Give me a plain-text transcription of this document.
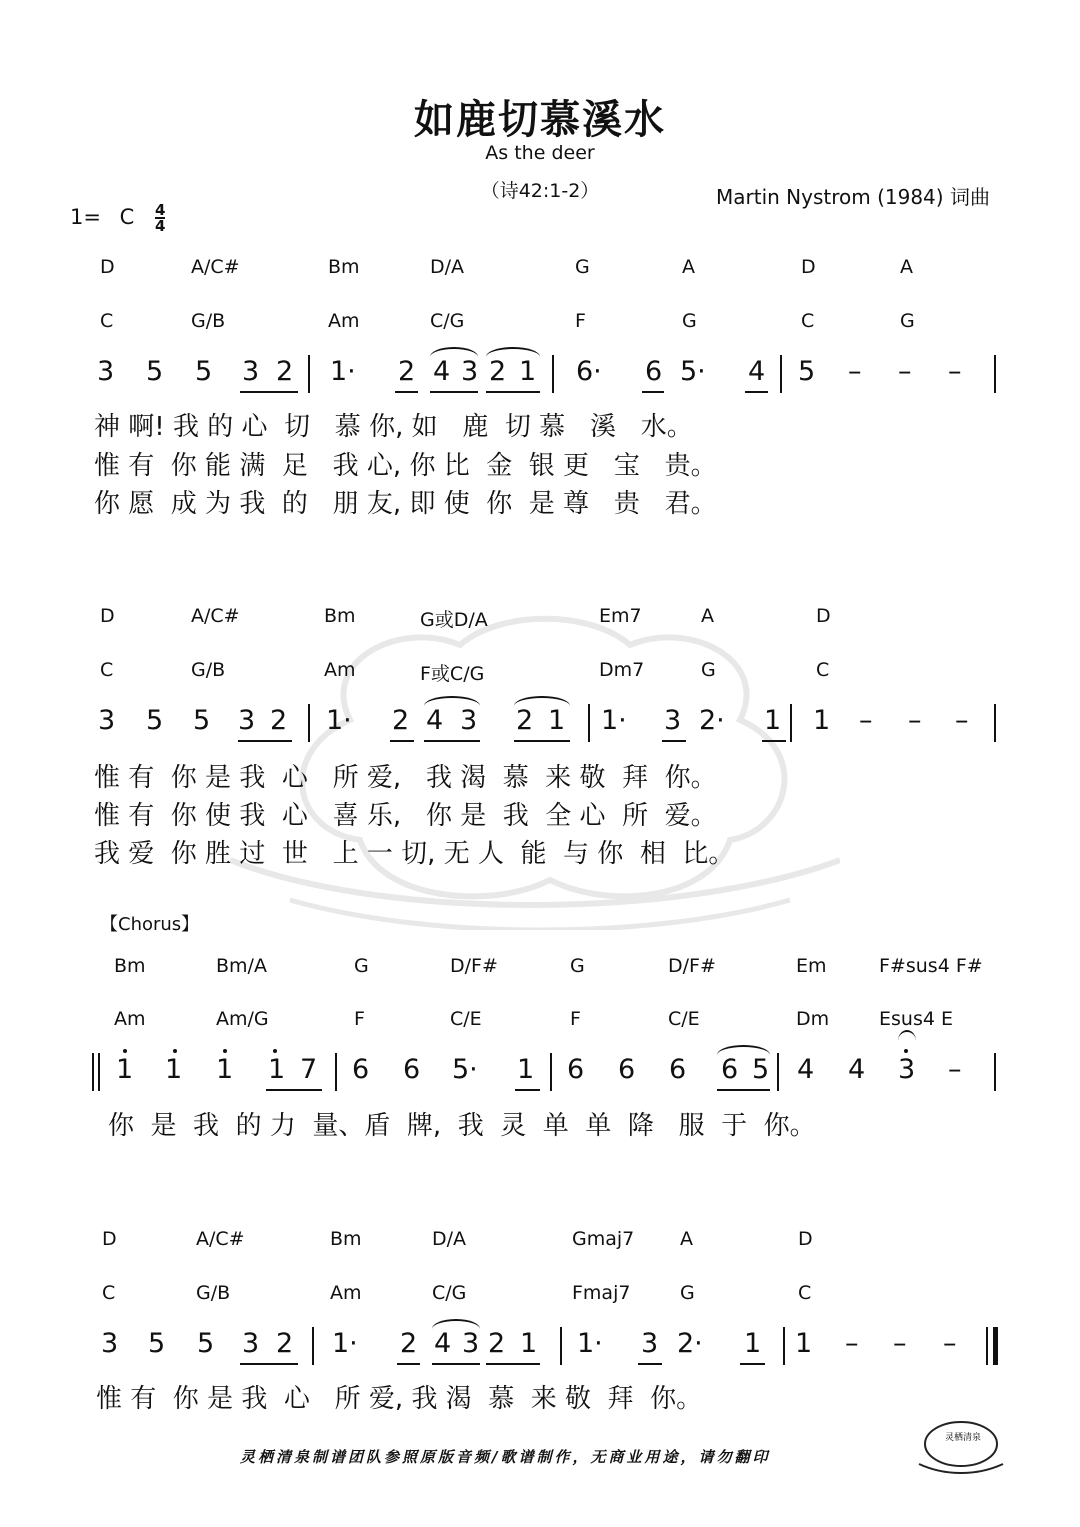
如鹿切慕溪水
As the deer
（诗42:1-2）	Martin Nystrom (1984) 词曲
1= C $\frac{4}{4}$
D	A/C#	Bm	D/A	G	A	D	A
C	G/B	Am	C/G	F	G	C	G
3 5 5 3 2 1· 2 4 3 2 1 6· 6 5· 4 5 – – –
神 啊! 我 的 心  切   慕 你, 如   鹿  切 慕   溪   水。
惟 有  你 能 满  足   我 心, 你 比  金  银 更   宝   贵。
你 愿  成 为 我  的   朋 友, 即 使  你  是 尊   贵   君。
D	A/C#	Bm	G或D/A	Em7	A	D
C	G/B	Am	F或C/G	Dm7	G	C
3 5 5 3 2 1· 2 4 3 2 1 1· 3 2· 1 1 – – –
惟 有  你 是 我  心   所 爱,   我 渴  慕  来 敬  拜  你。
惟 有  你 使 我  心   喜 乐,   你 是  我  全 心  所  爱。
我 爱  你 胜 过  世   上 一 切, 无 人  能  与 你  相  比。
Bm	Bm/A	G	D/F#	G	D/F#	Em	F#sus4 F#
Am	Am/G	F	C/E	F	C/E	Dm	Esus4 E
1 1 1 1 7 6 6 5· 1 6 6 6 6 5 4 4 3 –
你  是  我  的 力  量、盾  牌,  我  灵  单  单  降   服  于  你。
D	A/C#	Bm	D/A	Gmaj7 A	D
C	G/B	Am	C/G	Fmaj7	G	C
3 5 5 3 2 1· 2 4 3 2 1 1· 3 2· 1 1 – – –
惟 有  你 是 我  心   所 爱, 我 渴  慕  来 敬  拜  你。
【Chorus】
灵栖清泉制谱团队参照原版音频/歌谱制作，无商业用途，请勿翻印
灵栖清泉
